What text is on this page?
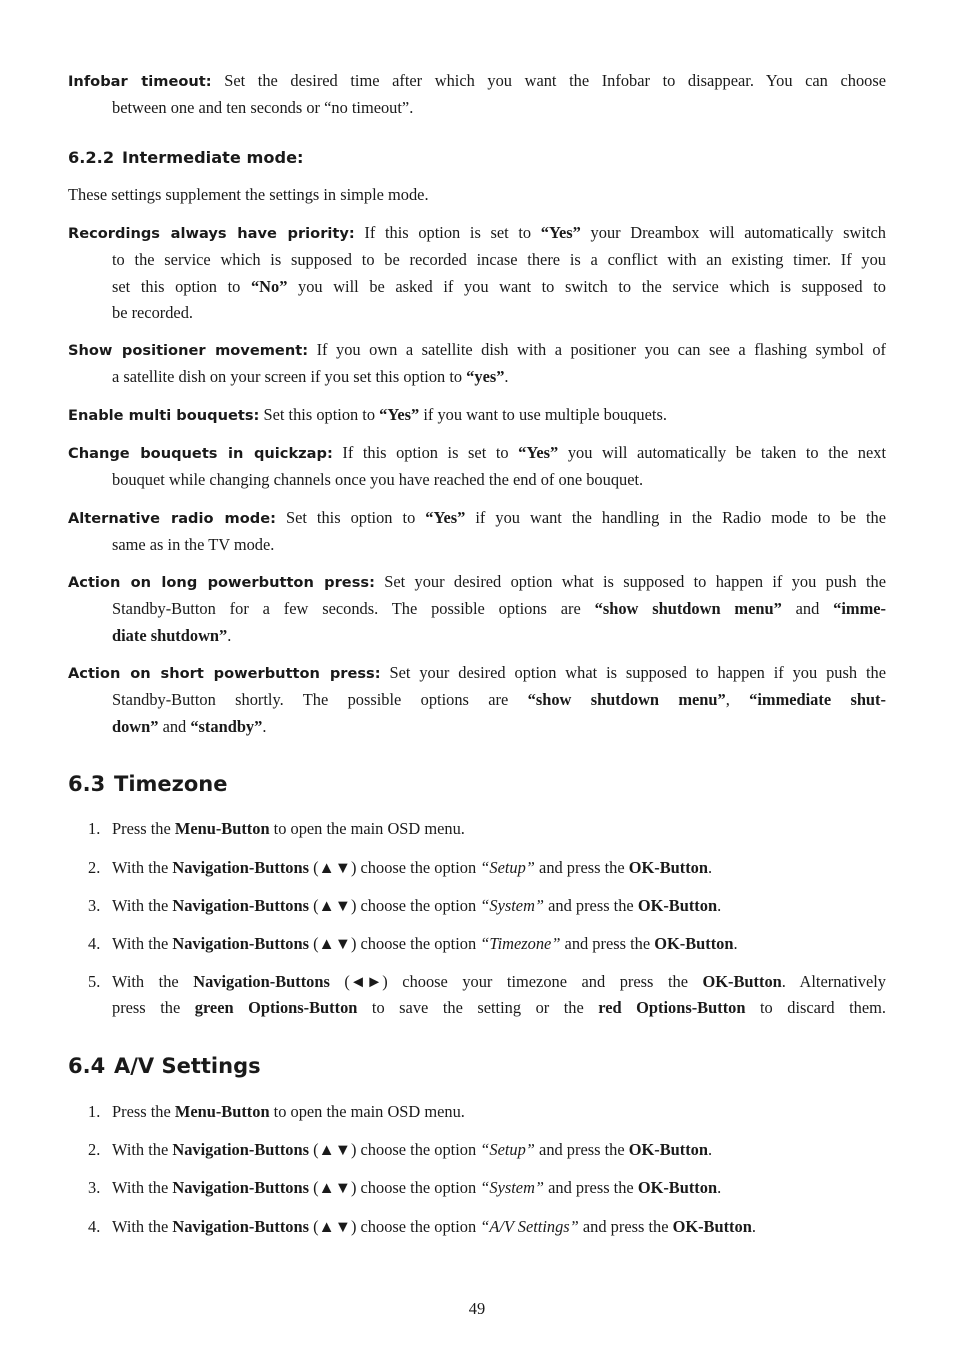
Infobar timeout: Set the desired time after which you want the Infobar to disappear. You can choose
between one and ten seconds or “no timeout”.
6.2.2 Intermediate mode:
These settings supplement the settings in simple mode.
Recordings always have priority: If this option is set to “Yes” your Dreambox will automatically switch
to the service which is supposed to be recorded incase there is a conflict with an existing timer. If you
set this option to “No” you will be asked if you want to switch to the service which is supposed to
be recorded.
Show positioner movement: If you own a satellite dish with a positioner you can see a flashing symbol of
a satellite dish on your screen if you set this option to “yes”.
Enable multi bouquets: Set this option to “Yes” if you want to use multiple bouquets.
Change bouquets in quickzap: If this option is set to “Yes” you will automatically be taken to the next
bouquet while changing channels once you have reached the end of one bouquet.
Alternative radio mode: Set this option to “Yes” if you want the handling in the Radio mode to be the
same as in the TV mode.
Action on long powerbutton press: Set your desired option what is supposed to happen if you push the
Standby-Button for a few seconds. The possible options are “show shutdown menu” and “imme-
diate shutdown”.
Action on short powerbutton press: Set your desired option what is supposed to happen if you push the
Standby-Button shortly. The possible options are “show shutdown menu”, “immediate shut-
down” and “standby”.
6.3 Timezone
1. Press the Menu-Button to open the main OSD menu.
2. With the Navigation-Buttons (▲▼) choose the option “Setup” and press the OK-Button.
3. With the Navigation-Buttons (▲▼) choose the option “System” and press the OK-Button.
4. With the Navigation-Buttons (▲▼) choose the option “Timezone” and press the OK-Button.
5. With the Navigation-Buttons (◄►) choose your timezone and press the OK-Button. Alternatively
press the green Options-Button to save the setting or the red Options-Button to discard them.
6.4 A/V Settings
1. Press the Menu-Button to open the main OSD menu.
2. With the Navigation-Buttons (▲▼) choose the option “Setup” and press the OK-Button.
3. With the Navigation-Buttons (▲▼) choose the option “System” and press the OK-Button.
4. With the Navigation-Buttons (▲▼) choose the option “A/V Settings” and press the OK-Button.
49
